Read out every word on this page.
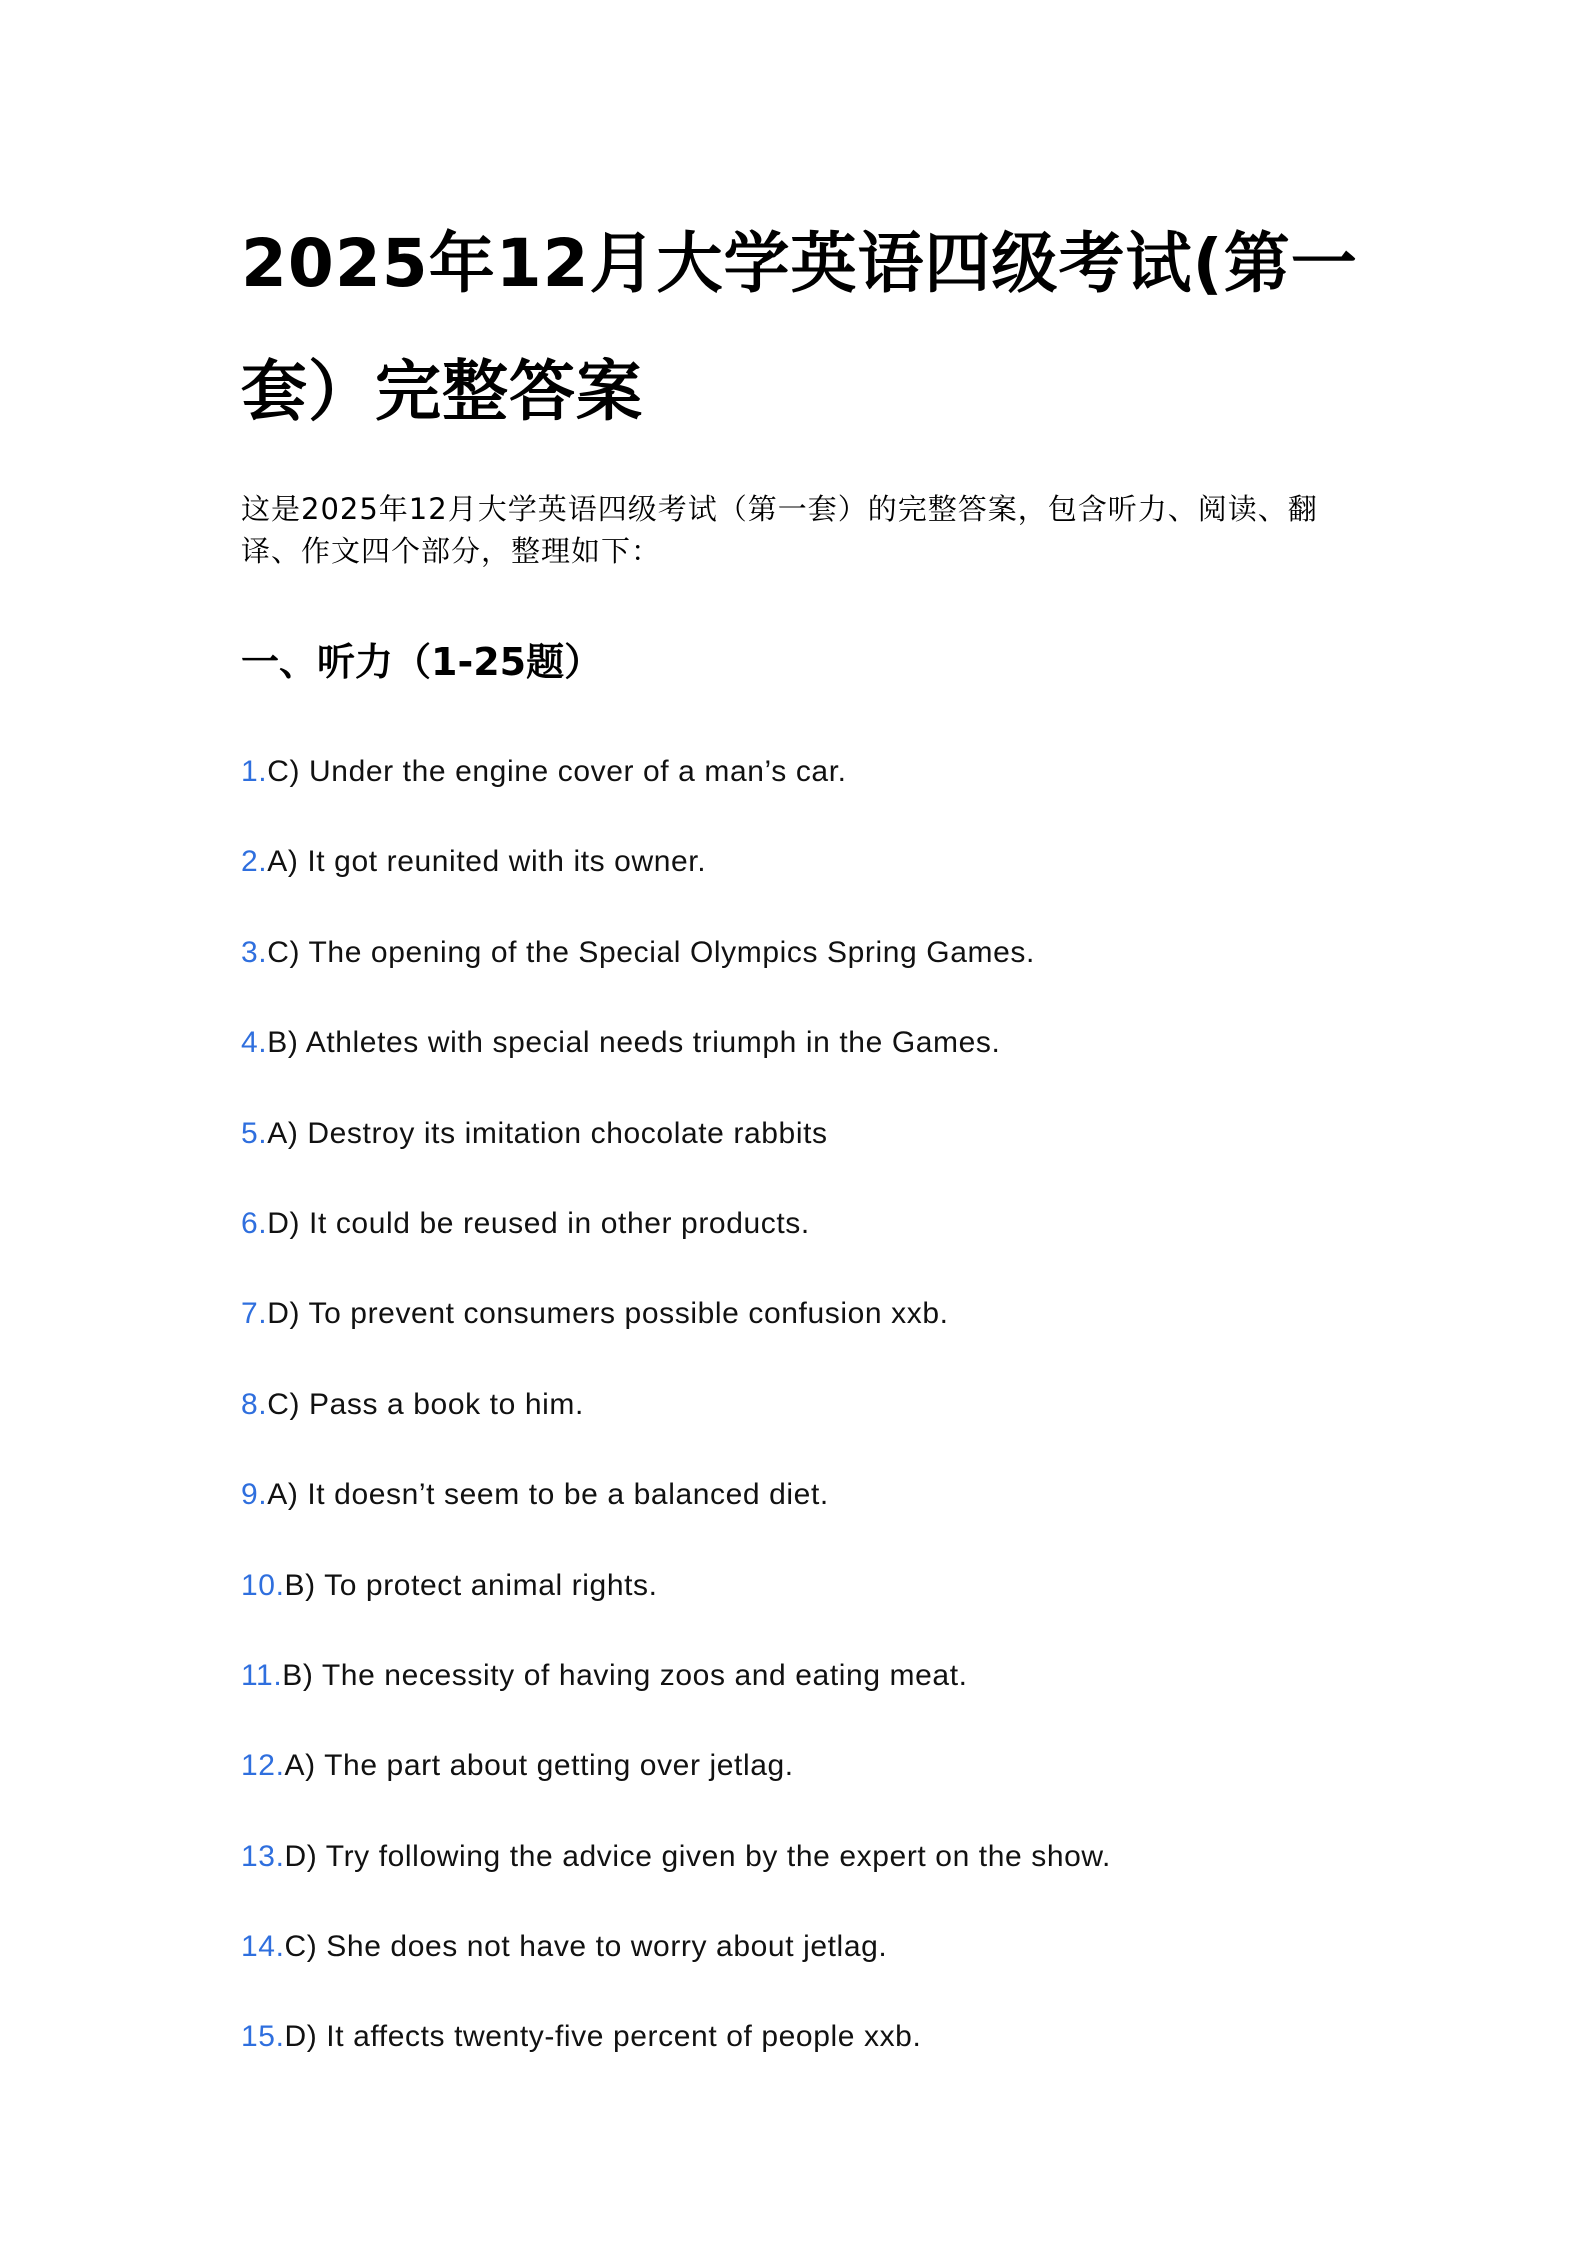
2025年12月大学英语四级考试(第一套）完整答案

这是2025年12月大学英语四级考试（第一套）的完整答案，包含听力、阅读、翻译、作文四个部分，整理如下：

一、听力（1-25题）
1.C) Under the engine cover of a man’s car.
2.A) It got reunited with its owner.
3.C) The opening of the Special Olympics Spring Games.
4.B) Athletes with special needs triumph in the Games.
5.A) Destroy its imitation chocolate rabbits
6.D) It could be reused in other products.
7.D) To prevent consumers possible confusion xxb.
8.C) Pass a book to him.
9.A) It doesn’t seem to be a balanced diet.
10.B) To protect animal rights.
11.B) The necessity of having zoos and eating meat.
12.A) The part about getting over jetlag.
13.D) Try following the advice given by the expert on the show.
14.C) She does not have to worry about jetlag.
15.D) It affects twenty-five percent of people xxb.
